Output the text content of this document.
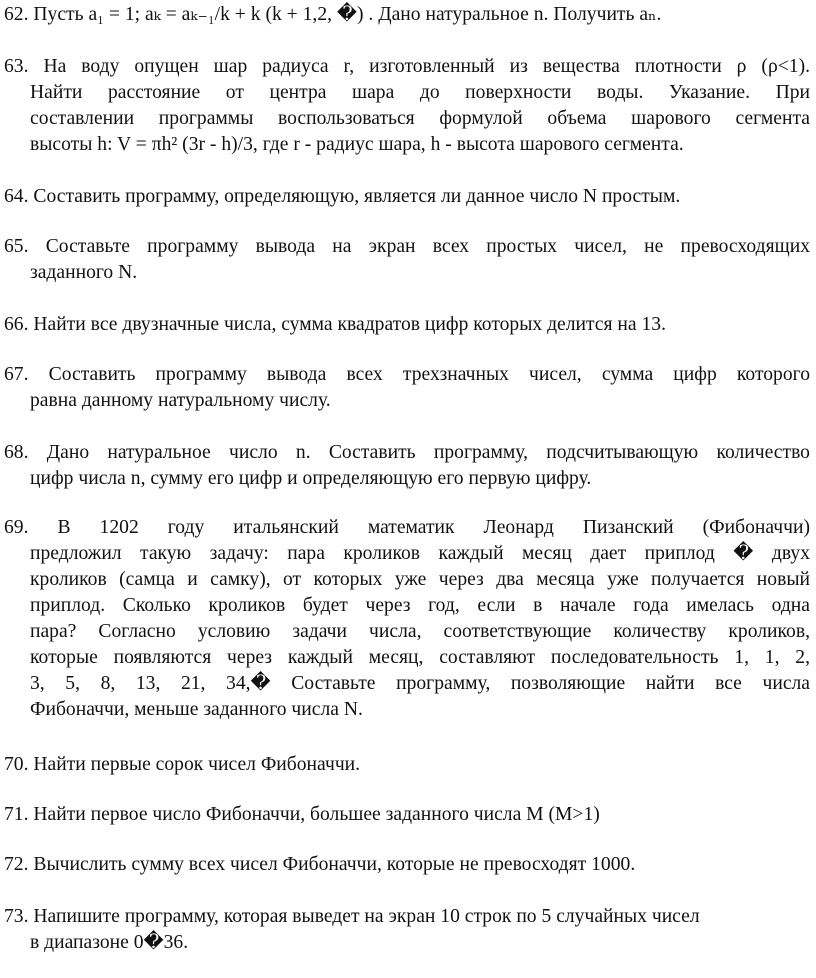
62. Пусть a₁ = 1; aₖ = aₖ₋₁/k + k (k + 1,2, �) . Дано натуральное n. Получить aₙ.
63. На воду опущен шар радиуса r, изготовленный из вещества плотности ρ (ρ<1).
Найти расстояние от центра шара до поверхности воды. Указание. При
составлении программы воспользоваться формулой объема шарового сегмента
высоты h: V = πh² (3r - h)/3, где r - радиус шара, h - высота шарового сегмента.
64. Составить программу, определяющую, является ли данное число N простым.
65. Составьте программу вывода на экран всех простых чисел, не превосходящих
заданного N.
66. Найти все двузначные числа, сумма квадратов цифр которых делится на 13.
67. Составить программу вывода всех трехзначных чисел, сумма цифр которого
равна данному натуральному числу.
68. Дано натуральное число n. Составить программу, подсчитывающую количество
цифр числа n, сумму его цифр и определяющую его первую цифру.
69. В 1202 году итальянский математик Леонард Пизанский (Фибоначчи)
предложил такую задачу: пара кроликов каждый месяц дает приплод � двух
кроликов (самца и самку), от которых уже через два месяца уже получается новый
приплод. Сколько кроликов будет через год, если в начале года имелась одна
пара? Согласно условию задачи числа, соответствующие количеству кроликов,
которые появляются через каждый месяц, составляют последовательность 1, 1, 2,
3, 5, 8, 13, 21, 34,� Составьте программу, позволяющие найти все числа
Фибоначчи, меньше заданного числа N.
70. Найти первые сорок чисел Фибоначчи.
71. Найти первое число Фибоначчи, большее заданного числа M (M>1)
72. Вычислить сумму всех чисел Фибоначчи, которые не превосходят 1000.
73. Напишите программу, которая выведет на экран 10 строк по 5 случайных чисел
в диапазоне 0�36.
